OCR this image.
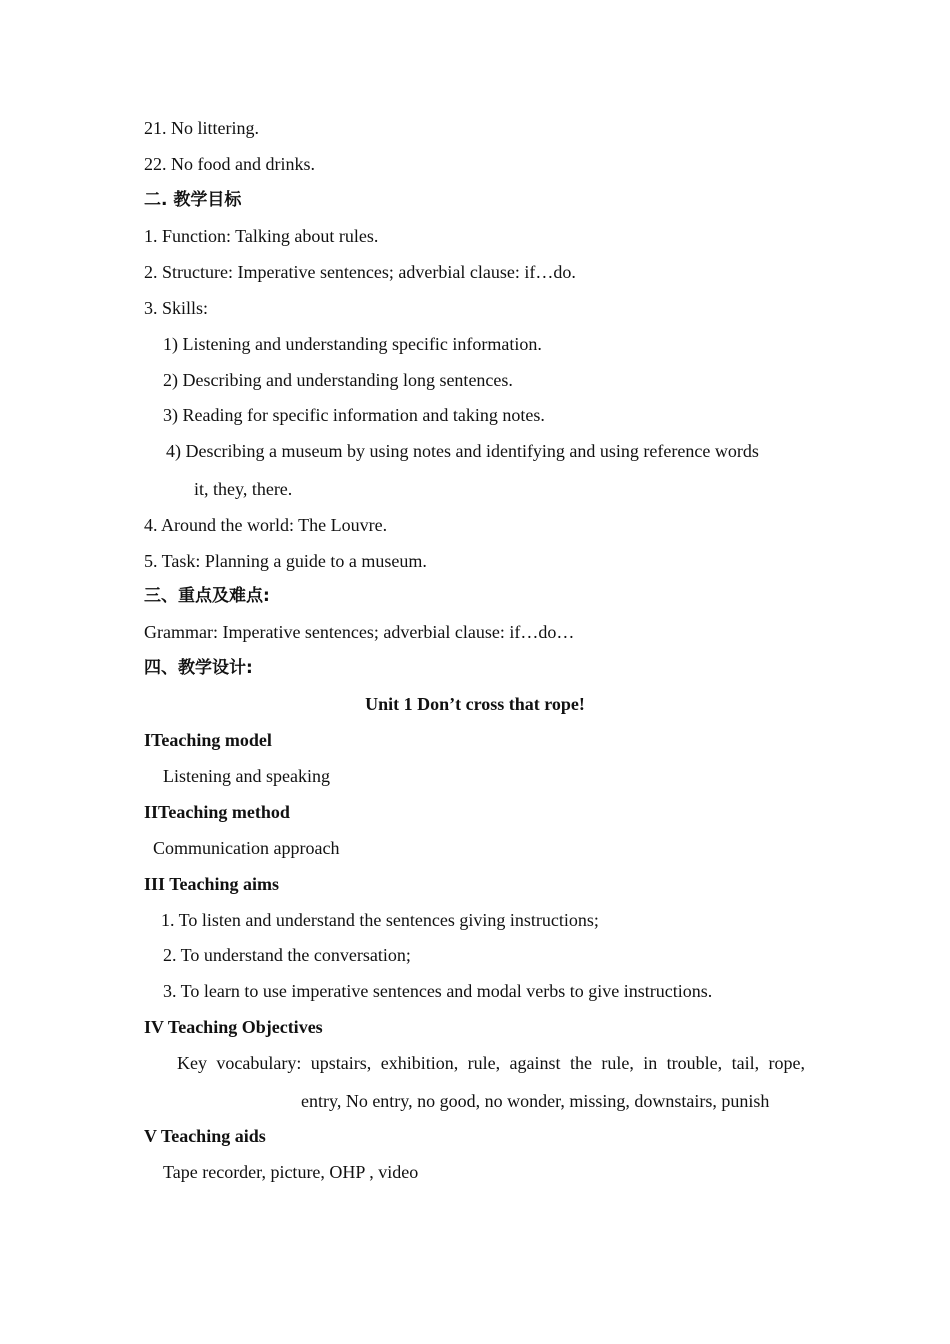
21. No littering.
22. No food and drinks.
二. 教学目标
1. Function: Talking about rules.
2. Structure: Imperative sentences; adverbial clause: if…do.
3. Skills:
1) Listening and understanding specific information.
2) Describing and understanding long sentences.
3) Reading for specific information and taking notes.
4) Describing a museum by using notes and identifying and using reference words
it, they, there.
4. Around the world: The Louvre.
5. Task: Planning a guide to a museum.
三、重点及难点:
Grammar: Imperative sentences; adverbial clause: if…do…
四、教学设计:
Unit 1 Don’t cross that rope!
ITeaching model
Listening and speaking
IITeaching method
Communication approach
III Teaching aims
1. To listen and understand the sentences giving instructions;
2. To understand the conversation;
3. To learn to use imperative sentences and modal verbs to give instructions.
IV Teaching Objectives
Key vocabulary: upstairs, exhibition, rule, against the rule, in trouble, tail, rope,
entry, No entry, no good, no wonder, missing, downstairs, punish
V Teaching aids
Tape recorder, picture, OHP , video
